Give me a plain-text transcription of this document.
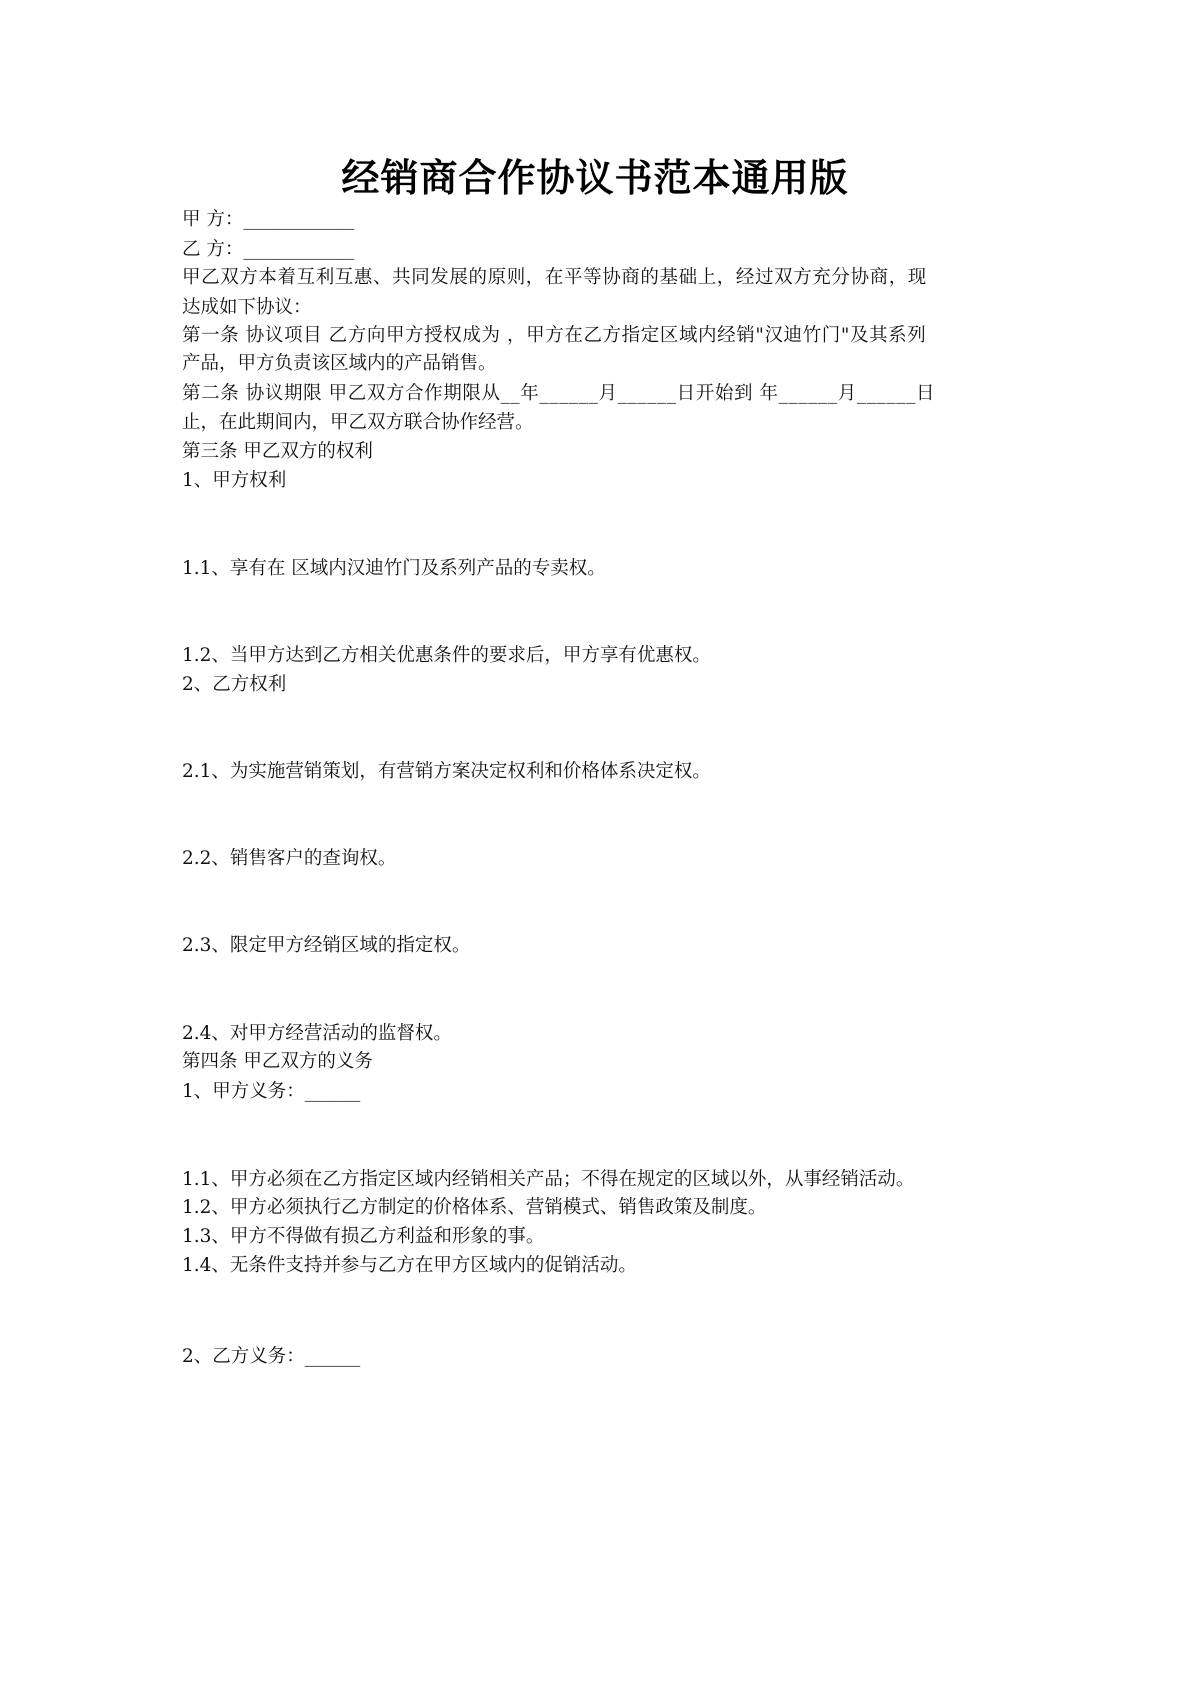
经销商合作协议书范本通用版
甲 方：____________
乙 方：____________
甲乙双方本着互利互惠、共同发展的原则，在平等协商的基础上，经过双方充分协商，现
达成如下协议：
第一条 协议项目 乙方向甲方授权成为 ，甲方在乙方指定区域内经销"汉迪竹门"及其系列
产品，甲方负责该区域内的产品销售。
第二条 协议期限 甲乙双方合作期限从__年______月______日开始到 年______月______日
止，在此期间内，甲乙双方联合协作经营。
第三条 甲乙双方的权利
1、甲方权利
1.1、享有在 区域内汉迪竹门及系列产品的专卖权。
1.2、当甲方达到乙方相关优惠条件的要求后，甲方享有优惠权。
2、乙方权利
2.1、为实施营销策划，有营销方案决定权利和价格体系决定权。
2.2、销售客户的查询权。
2.3、限定甲方经销区域的指定权。
2.4、对甲方经营活动的监督权。
第四条 甲乙双方的义务
1、甲方义务：______
1.1、甲方必须在乙方指定区域内经销相关产品；不得在规定的区域以外，从事经销活动。
1.2、甲方必须执行乙方制定的价格体系、营销模式、销售政策及制度。
1.3、甲方不得做有损乙方利益和形象的事。
1.4、无条件支持并参与乙方在甲方区域内的促销活动。
2、乙方义务：______
